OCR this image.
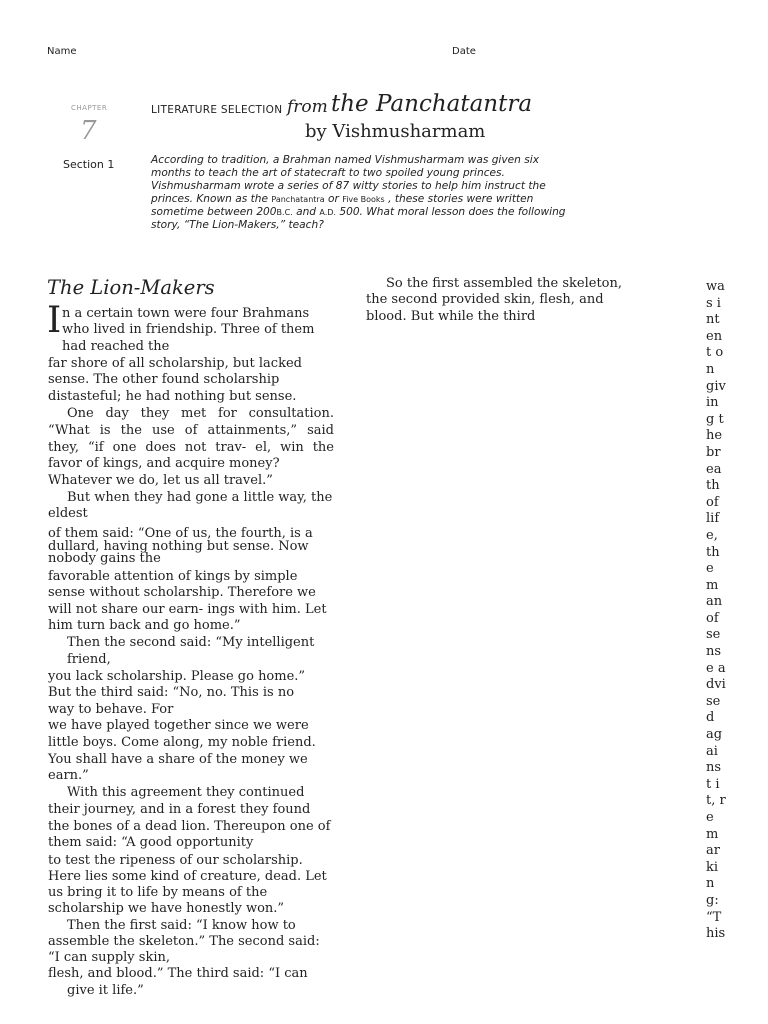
Name	Date
CHAPTER
7
LITERATURE SELECTION from the Panchatantra
by Vishmusharmam
Section 1	According to tradition, a Brahman named Vishmusharmam was given six
months to teach the art of statecraft to two spoiled young princes.
Vishmusharmam wrote a series of 87 witty stories to help him instruct the
princes. Known as the Panchatantra or Five Books , these stories were written
sometime between 200B.C. and A.D. 500. What moral lesson does the following
story, “The Lion-Makers,” teach?
The Lion-Makers
I n a certain town were four Brahmans
who lived in friendship. Three of them
had reached the
far shore of all scholarship, but lacked
sense. The other found scholarship
distasteful; he had nothing but sense.
One day they met for consultation.
“What is the use of attainments,” said
they, “if one does not trav- el, win the
favor of kings, and acquire money?
Whatever we do, let us all travel.”
But when they had gone a little way, the
eldest
of them said: “One of us, the fourth, is a
dullard, having nothing but sense. Now
nobody gains the
favorable attention of kings by simple
sense without scholarship. Therefore we
will not share our earn- ings with him. Let
him turn back and go home.”
Then the second said: “My intelligent
friend,
you lack scholarship. Please go home.”
But the third said: “No, no. This is no
way to behave. For
we have played together since we were
little boys. Come along, my noble friend.
You shall have a share of the money we
earn.”
With this agreement they continued
their journey, and in a forest they found
the bones of a dead lion. Thereupon one of
them said: “A good opportunity
to test the ripeness of our scholarship.
Here lies some kind of creature, dead. Let
us bring it to life by means of the
scholarship we have honestly won.”
Then the first said: “I know how to
assemble the skeleton.” The second said:
“I can supply skin,
flesh, and blood.” The third said: “I can
give it life.”
So the first assembled the skeleton,
the second provided skin, flesh, and
blood. But while the third
was intent on giving the breath of life, the man of sense advised against it, remarking: “This
